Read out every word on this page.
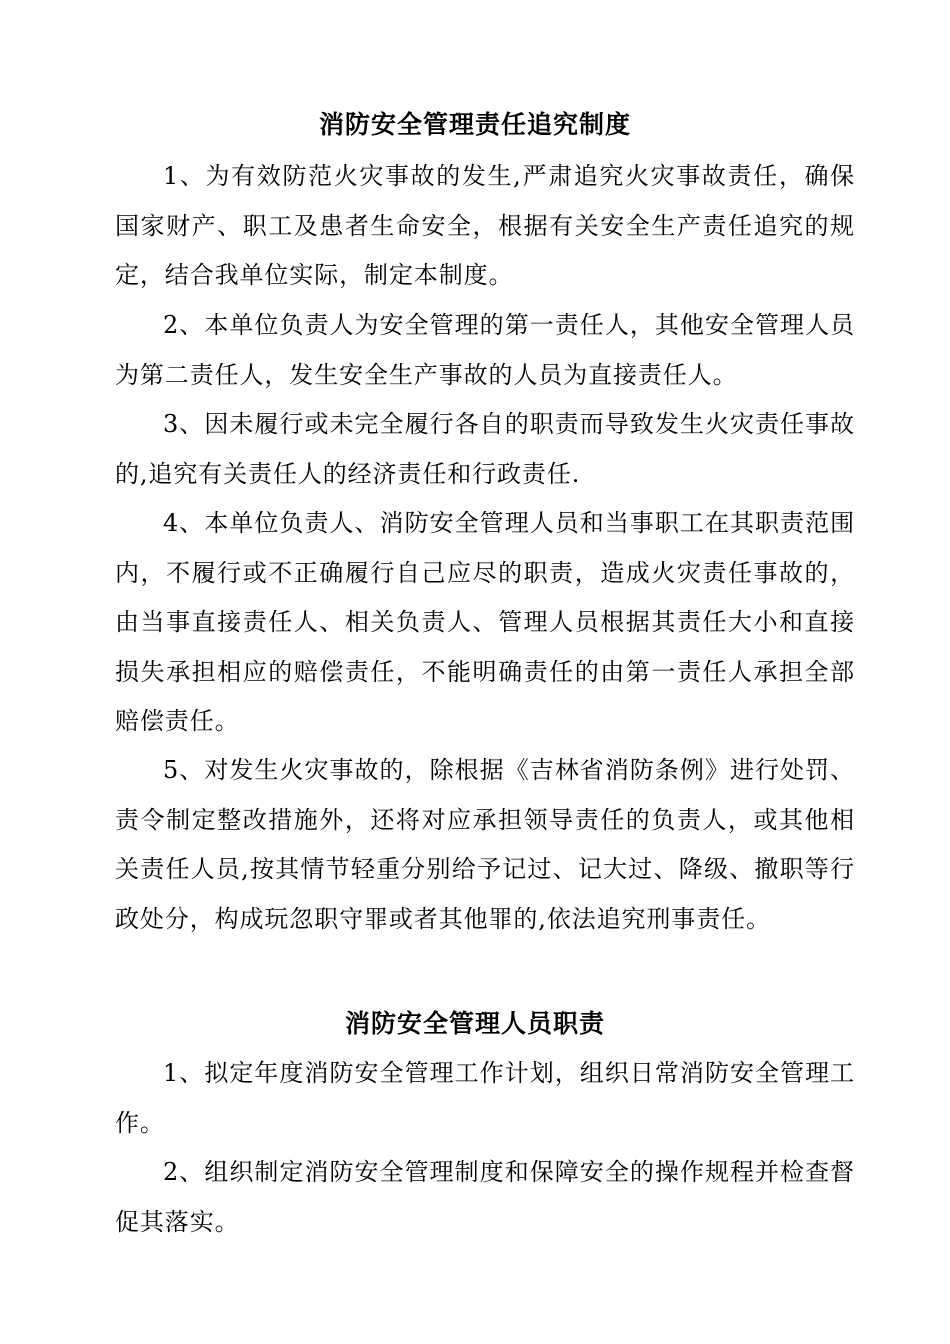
消防安全管理责任追究制度
1、为有效防范火灾事故的发生,严肃追究火灾事故责任，确保国家财产、职工及患者生命安全，根据有关安全生产责任追究的规定，结合我单位实际，制定本制度。
2、本单位负责人为安全管理的第一责任人，其他安全管理人员为第二责任人，发生安全生产事故的人员为直接责任人。
3、因未履行或未完全履行各自的职责而导致发生火灾责任事故的,追究有关责任人的经济责任和行政责任.
4、本单位负责人、消防安全管理人员和当事职工在其职责范围内，不履行或不正确履行自己应尽的职责，造成火灾责任事故的，由当事直接责任人、相关负责人、管理人员根据其责任大小和直接损失承担相应的赔偿责任，不能明确责任的由第一责任人承担全部赔偿责任。
5、对发生火灾事故的，除根据《吉林省消防条例》进行处罚、责令制定整改措施外，还将对应承担领导责任的负责人，或其他相关责任人员,按其情节轻重分别给予记过、记大过、降级、撤职等行政处分，构成玩忽职守罪或者其他罪的,依法追究刑事责任。
消防安全管理人员职责
1、拟定年度消防安全管理工作计划，组织日常消防安全管理工作。
2、组织制定消防安全管理制度和保障安全的操作规程并检查督促其落实。
